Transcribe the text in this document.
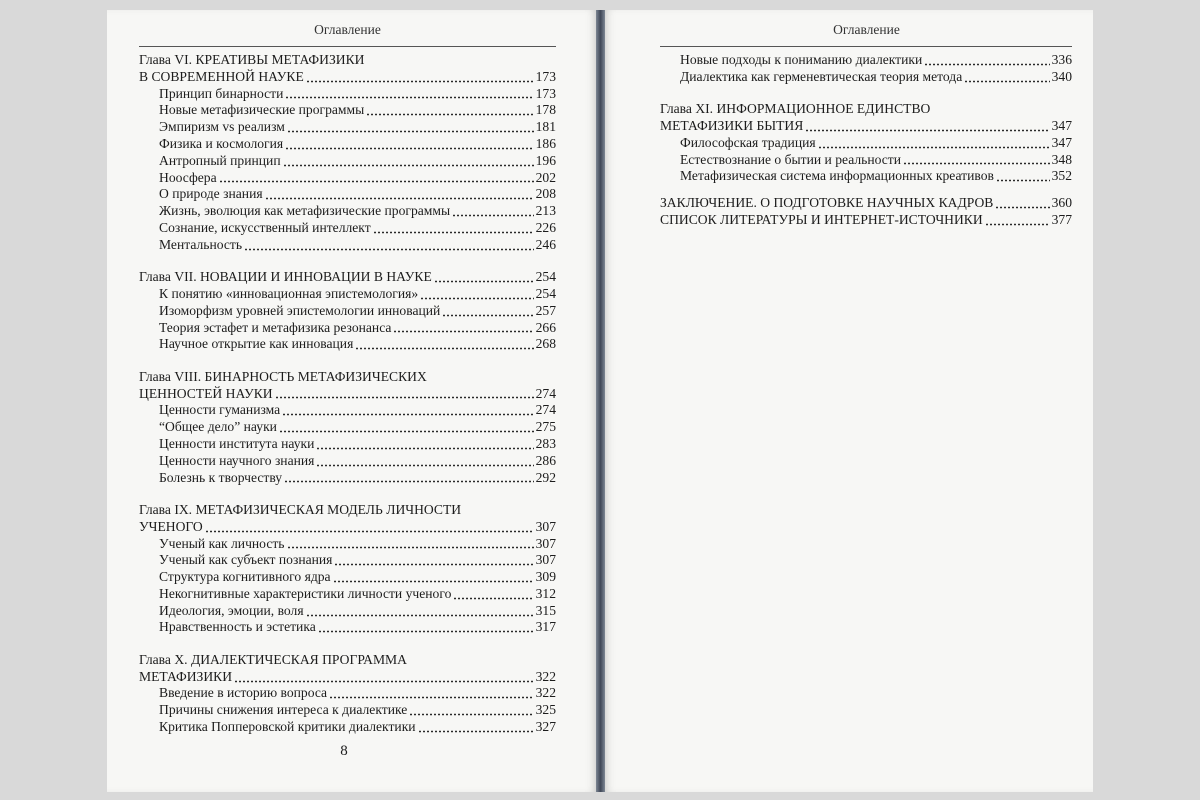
Оглавление
Глава VI. КРЕАТИВЫ МЕТАФИЗИКИ
В СОВРЕМЕННОЙ НАУКЕ	173
Принцип бинарности	173
Новые метафизические программы	178
Эмпиризм vs реализм	181
Физика и космология	186
Антропный принцип	196
Ноосфера	202
О природе знания	208
Жизнь, эволюция как метафизические программы	213
Сознание, искусственный интеллект	226
Ментальность	246
Глава VII. НОВАЦИИ И ИННОВАЦИИ В НАУКЕ	254
К понятию «инновационная эпистемология»	254
Изоморфизм уровней эпистемологии инноваций	257
Теория эстафет и метафизика резонанса	266
Научное открытие как инновация	268
Глава VIII. БИНАРНОСТЬ МЕТАФИЗИЧЕСКИХ
ЦЕННОСТЕЙ НАУКИ	274
Ценности гуманизма	274
“Общее дело” науки	275
Ценности института науки	283
Ценности научного знания	286
Болезнь к творчеству	292
Глава IX. МЕТАФИЗИЧЕСКАЯ МОДЕЛЬ ЛИЧНОСТИ
УЧЕНОГО	307
Ученый как личность	307
Ученый как субъект познания	307
Структура когнитивного ядра	309
Некогнитивные характеристики личности ученого	312
Идеология, эмоции, воля	315
Нравственность и эстетика	317
Глава X. ДИАЛЕКТИЧЕСКАЯ ПРОГРАММА
МЕТАФИЗИКИ	322
Введение в историю вопроса	322
Причины снижения интереса к диалектике	325
Критика Попперовской критики диалектики	327
8
Оглавление
Новые подходы к пониманию диалектики	336
Диалектика как герменевтическая теория метода	340
Глава XI. ИНФОРМАЦИОННОЕ ЕДИНСТВО
МЕТАФИЗИКИ БЫТИЯ	347
Философская традиция	347
Естествознание о бытии и реальности	348
Метафизическая система информационных креативов	352
ЗАКЛЮЧЕНИЕ. О ПОДГОТОВКЕ НАУЧНЫХ КАДРОВ	360
СПИСОК ЛИТЕРАТУРЫ И ИНТЕРНЕТ-ИСТОЧНИКИ	377
